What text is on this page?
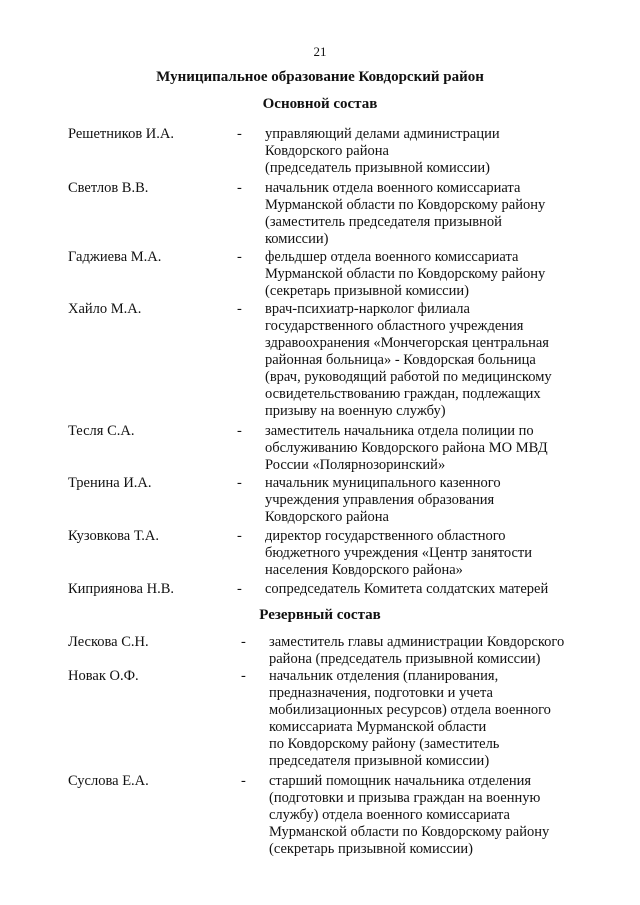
21
Муниципальное образование Ковдорский район
Основной состав
Решетников И.А.	- управляющий делами администрации
Ковдорского района
(председатель призывной комиссии)
Светлов В.В.	- начальник отдела военного комиссариата
Мурманской области по Ковдорскому району
(заместитель председателя призывной
комиссии)
Гаджиева М.А.	- фельдшер отдела военного комиссариата
Мурманской области по Ковдорскому району
(секретарь призывной комиссии)
Хайло М.А.	- врач-психиатр-нарколог филиала
государственного областного учреждения
здравоохранения «Мончегорская центральная
районная больница» - Ковдорская больница
(врач, руководящий работой по медицинскому
освидетельствованию граждан, подлежащих
призыву на военную службу)
Тесля С.А.	- заместитель начальника отдела полиции по
обслуживанию Ковдорского района МО МВД
России «Полярнозоринский»
Тренина И.А.	- начальник муниципального казенного
учреждения управления образования
Ковдорского района
Кузовкова Т.А.	- директор государственного областного
бюджетного учреждения «Центр занятости
населения Ковдорского района»
Киприянова Н.В.	- сопредседатель Комитета солдатских матерей
Резервный состав
Лескова С.Н.	- заместитель главы администрации Ковдорского
района (председатель призывной комиссии)
Новак О.Ф.	- начальник отделения (планирования,
предназначения, подготовки и учета
мобилизационных ресурсов) отдела военного
комиссариата Мурманской области
по Ковдорскому району (заместитель
председателя призывной комиссии)
Суслова Е.А.	- старший помощник начальника отделения
(подготовки и призыва граждан на военную
службу) отдела военного комиссариата
Мурманской области по Ковдорскому району
(секретарь призывной комиссии)
